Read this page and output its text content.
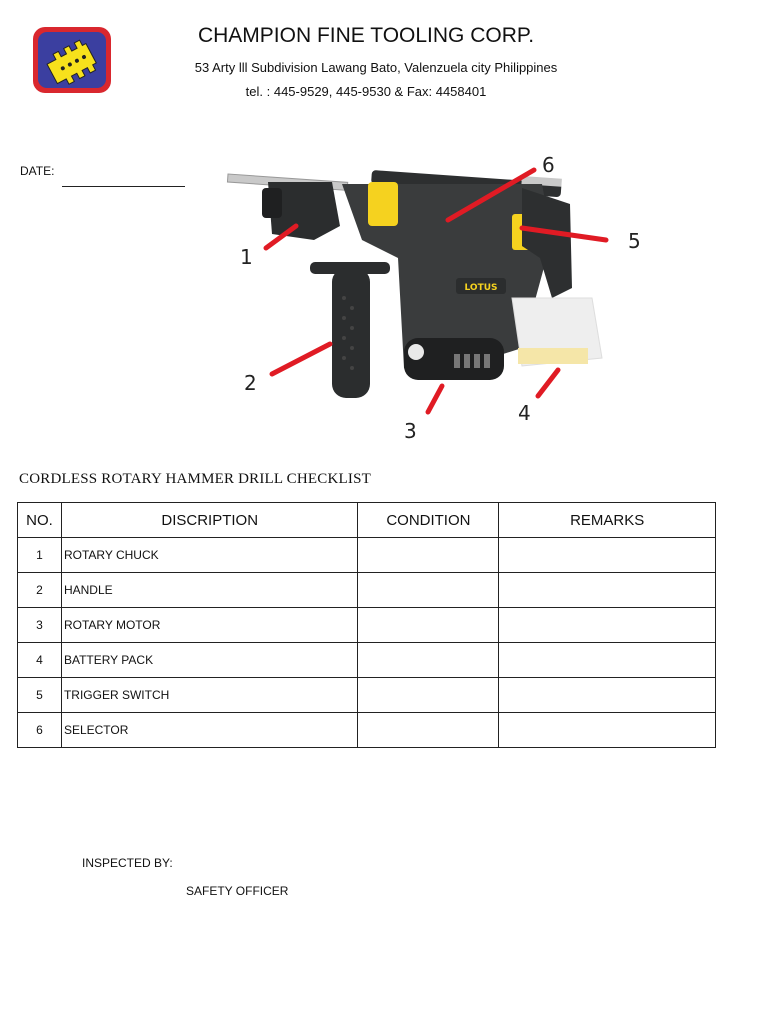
CHAMPION FINE TOOLING CORP.
53 Arty lll Subdivision Lawang Bato, Valenzuela city Philippines
tel. : 445-9529, 445-9530 & Fax: 4458401
DATE:
LOTUS
1
2
3
4
5
6
CORDLESS ROTARY HAMMER DRILL CHECKLIST
NO.	DISCRIPTION	CONDITION	REMARKS
1	ROTARY CHUCK		
2	HANDLE		
3	ROTARY MOTOR		
4	BATTERY PACK		
5	TRIGGER SWITCH		
6	SELECTOR		
INSPECTED BY:
SAFETY OFFICER
